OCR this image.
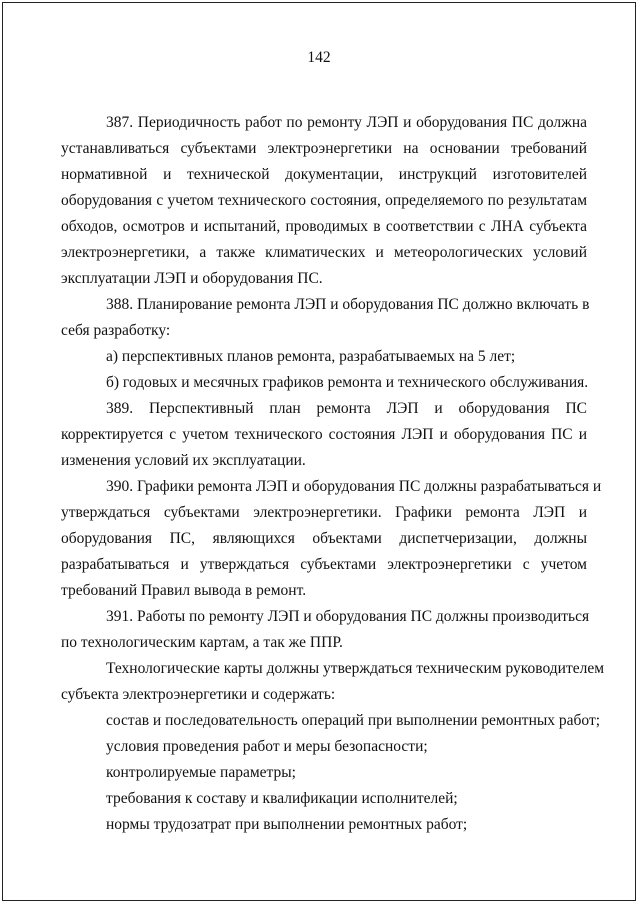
142
387. Периодичность работ по ремонту ЛЭП и оборудования ПС должна
устанавливаться субъектами электроэнергетики на основании требований
нормативной и технической документации, инструкций изготовителей
оборудования с учетом технического состояния, определяемого по результатам
обходов, осмотров и испытаний, проводимых в соответствии с ЛНА субъекта
электроэнергетики, а также климатических и метеорологических условий
эксплуатации ЛЭП и оборудования ПС.
388. Планирование ремонта ЛЭП и оборудования ПС должно включать в
себя разработку:
а) перспективных планов ремонта, разрабатываемых на 5 лет;
б) годовых и месячных графиков ремонта и технического обслуживания.
389. Перспективный план ремонта ЛЭП и оборудования ПС
корректируется с учетом технического состояния ЛЭП и оборудования ПС и
изменения условий их эксплуатации.
390. Графики ремонта ЛЭП и оборудования ПС должны разрабатываться и
утверждаться субъектами электроэнергетики. Графики ремонта ЛЭП и
оборудования ПС, являющихся объектами диспетчеризации, должны
разрабатываться и утверждаться субъектами электроэнергетики с учетом
требований Правил вывода в ремонт.
391. Работы по ремонту ЛЭП и оборудования ПС должны производиться
по технологическим картам, а так же ППР.
Технологические карты должны утверждаться техническим руководителем
субъекта электроэнергетики и содержать:
состав и последовательность операций при выполнении ремонтных работ;
условия проведения работ и меры безопасности;
контролируемые параметры;
требования к составу и квалификации исполнителей;
нормы трудозатрат при выполнении ремонтных работ;
